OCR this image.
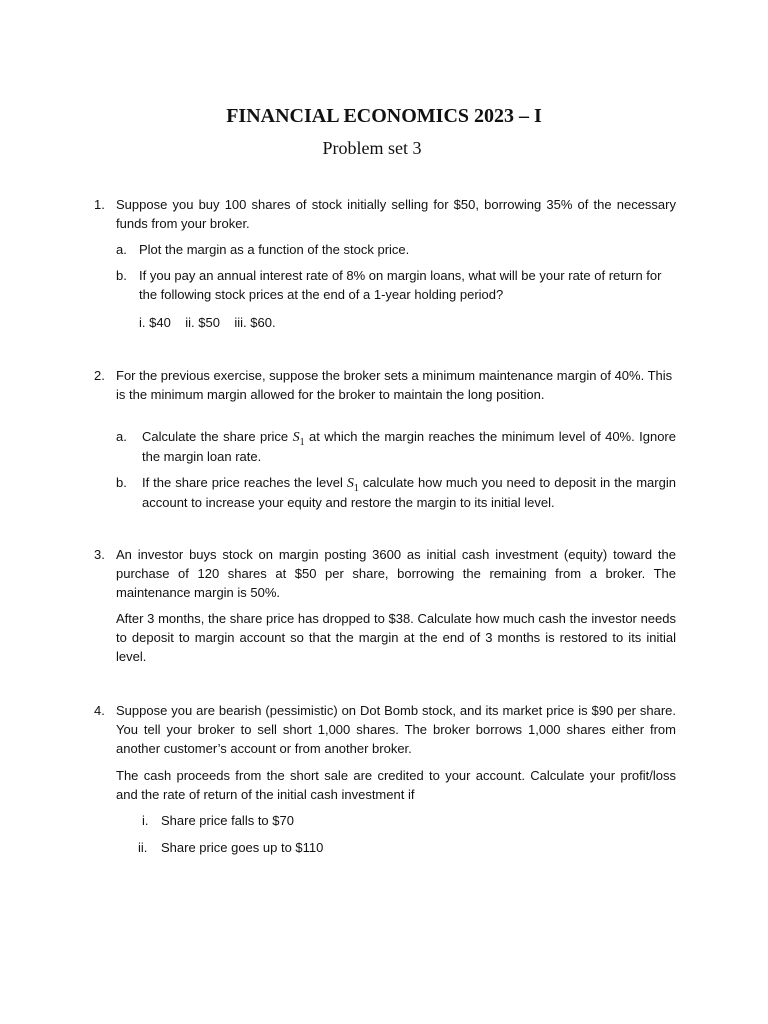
FINANCIAL ECONOMICS 2023 – I
Problem set 3
1. Suppose you buy 100 shares of stock initially selling for $50, borrowing 35% of the necessary funds from your broker.

a. Plot the margin as a function of the stock price.

b. If you pay an annual interest rate of 8% on margin loans, what will be your rate of return for the following stock prices at the end of a 1-year holding period?

i. $40    ii. $50    iii. $60.

2. For the previous exercise, suppose the broker sets a minimum maintenance margin of 40%. This is the minimum margin allowed for the broker to maintain the long position.

a. Calculate the share price $S_1$ at which the margin reaches the minimum level of 40%. Ignore the margin loan rate.

b. If the share price reaches the level $S_1$ calculate how much you need to deposit in the margin account to increase your equity and restore the margin to its initial level.

3. An investor buys stock on margin posting 3600 as initial cash investment (equity) toward the purchase of 120 shares at $50 per share, borrowing the remaining from a broker. The maintenance margin is 50%.

After 3 months, the share price has dropped to $38. Calculate how much cash the investor needs to deposit to margin account so that the margin at the end of 3 months is restored to its initial level.

4. Suppose you are bearish (pessimistic) on Dot Bomb stock, and its market price is $90 per share. You tell your broker to sell short 1,000 shares. The broker borrows 1,000 shares either from another customer’s account or from another broker.

The cash proceeds from the short sale are credited to your account. Calculate your profit/loss and the rate of return of the initial cash investment if

i. Share price falls to $70

ii. Share price goes up to $110
